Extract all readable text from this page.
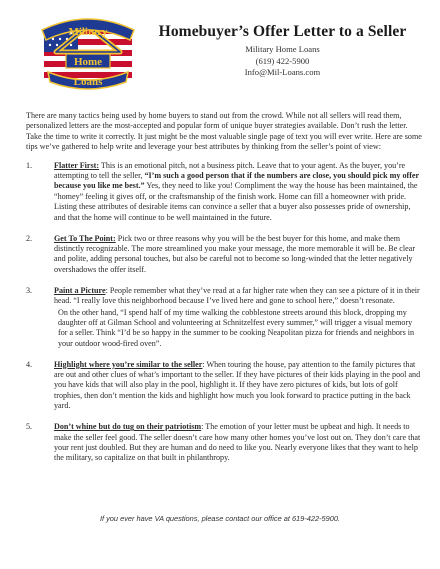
Military
Home
Loans
Homebuyer’s Offer Letter to a Seller
Military Home Loans
(619) 422-5900
Info@Mil-Loans.com

There are many tactics being used by home buyers to stand out from the crowd. While not all sellers will read them, personalized letters are the most-accepted and popular form of unique buyer strategies available. Don’t rush the letter. Take the time to write it correctly. It just might be the most valuable single page of text you will ever write. Here are some tips we’ve gathered to help write and leverage your best attributes by thinking from the seller’s point of view:

1.	Flatter First: This is an emotional pitch, not a business pitch. Leave that to your agent. As the buyer, you’re attempting to tell the seller, “I’m such a good person that if the numbers are close, you should pick my offer because you like me best.” Yes, they need to like you! Compliment the way the house has been maintained, the “homey” feeling it gives off, or the craftsmanship of the finish work. Home can fill a homeowner with pride. Listing these attributes of desirable items can convince a seller that a buyer also possesses pride of ownership, and that the home will continue to be well maintained in the future.
2.	Get To The Point: Pick two or three reasons why you will be the best buyer for this home, and make them distinctly recognizable. The more streamlined you make your message, the more memorable it will be. Be clear and polite, adding personal touches, but also be careful not to become so long-winded that the letter negatively overshadows the offer itself.
3.	Paint a Picture: People remember what they’ve read at a far higher rate when they can see a picture of it in their head. “I really love this neighborhood because I’ve lived here and gone to school here,” doesn’t resonate.
On the other hand, “I spend half of my time walking the cobblestone streets around this block, dropping my daughter off at Gilman School and volunteering at Schnitzelfest every summer,” will trigger a visual memory for a seller. Think “I’d be so happy in the summer to be cooking Neapolitan pizza for friends and neighbors in your outdoor wood-fired oven”.
4.	Highlight where you’re similar to the seller: When touring the house, pay attention to the family pictures that are out and other clues of what’s important to the seller. If they have pictures of their kids playing in the pool and you have kids that will also play in the pool, highlight it. If they have zero pictures of kids, but lots of golf trophies, then don’t mention the kids and highlight how much you look forward to practice putting in the back yard.
5.	Don’t whine but do tug on their patriotism: The emotion of your letter must be upbeat and high. It needs to make the seller feel good. The seller doesn’t care how many other homes you’ve lost out on. They don’t care that your rent just doubled. But they are human and do need to like you. Nearly everyone likes that they want to help the military, so capitalize on that built in philanthropy.
If you ever have VA questions, please contact our office at 619-422-5900.
